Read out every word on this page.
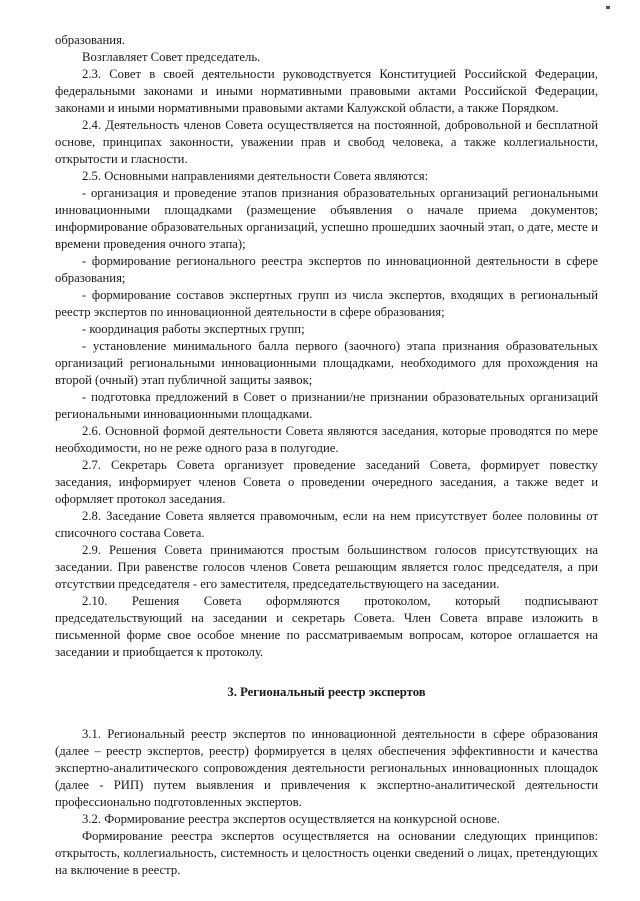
образования.

Возглавляет Совет председатель.

2.3. Совет в своей деятельности руководствуется Конституцией Российской Федерации, федеральными законами и иными нормативными правовыми актами Российской Федерации, законами и иными нормативными правовыми актами Калужской области, а также Порядком.

2.4. Деятельность членов Совета осуществляется на постоянной, добровольной и бесплатной основе, принципах законности, уважении прав и свобод человека, а также коллегиальности, открытости и гласности.

2.5. Основными направлениями деятельности Совета являются:

- организация и проведение этапов признания образовательных организаций региональными инновационными площадками (размещение объявления о начале приема документов; информирование образовательных организаций, успешно прошедших заочный этап, о дате, месте и времени проведения очного этапа);

- формирование регионального реестра экспертов по инновационной деятельности в сфере образования;

- формирование составов экспертных групп из числа экспертов, входящих в региональный реестр экспертов по инновационной деятельности в сфере образования;

- координация работы экспертных групп;

- установление минимального балла первого (заочного) этапа признания образовательных организаций региональными инновационными площадками, необходимого для прохождения на второй (очный) этап публичной защиты заявок;

- подготовка предложений в Совет о признании/не признании образовательных организаций региональными инновационными площадками.

2.6. Основной формой деятельности Совета являются заседания, которые проводятся по мере необходимости, но не реже одного раза в полугодие.

2.7. Секретарь Совета организует проведение заседаний Совета, формирует повестку заседания, информирует членов Совета о проведении очередного заседания, а также ведет и оформляет протокол заседания.

2.8. Заседание Совета является правомочным, если на нем присутствует более половины от списочного состава Совета.

2.9. Решения Совета принимаются простым большинством голосов присутствующих на заседании. При равенстве голосов членов Совета решающим является голос председателя, а при отсутствии председателя - его заместителя, председательствующего на заседании.

2.10. Решения Совета оформляются протоколом, который подписывают председательствующий на заседании и секретарь Совета. Член Совета вправе изложить в письменной форме свое особое мнение по рассматриваемым вопросам, которое оглашается на заседании и приобщается к протоколу.

3. Региональный реестр экспертов

3.1. Региональный реестр экспертов по инновационной деятельности в сфере образования (далее – реестр экспертов, реестр) формируется в целях обеспечения эффективности и качества экспертно-аналитического сопровождения деятельности региональных инновационных площадок (далее - РИП) путем выявления и привлечения к экспертно-аналитической деятельности профессионально подготовленных экспертов.

3.2. Формирование реестра экспертов осуществляется на конкурсной основе.

Формирование реестра экспертов осуществляется на основании следующих принципов: открытость, коллегиальность, системность и целостность оценки сведений о лицах, претендующих на включение в реестр.
